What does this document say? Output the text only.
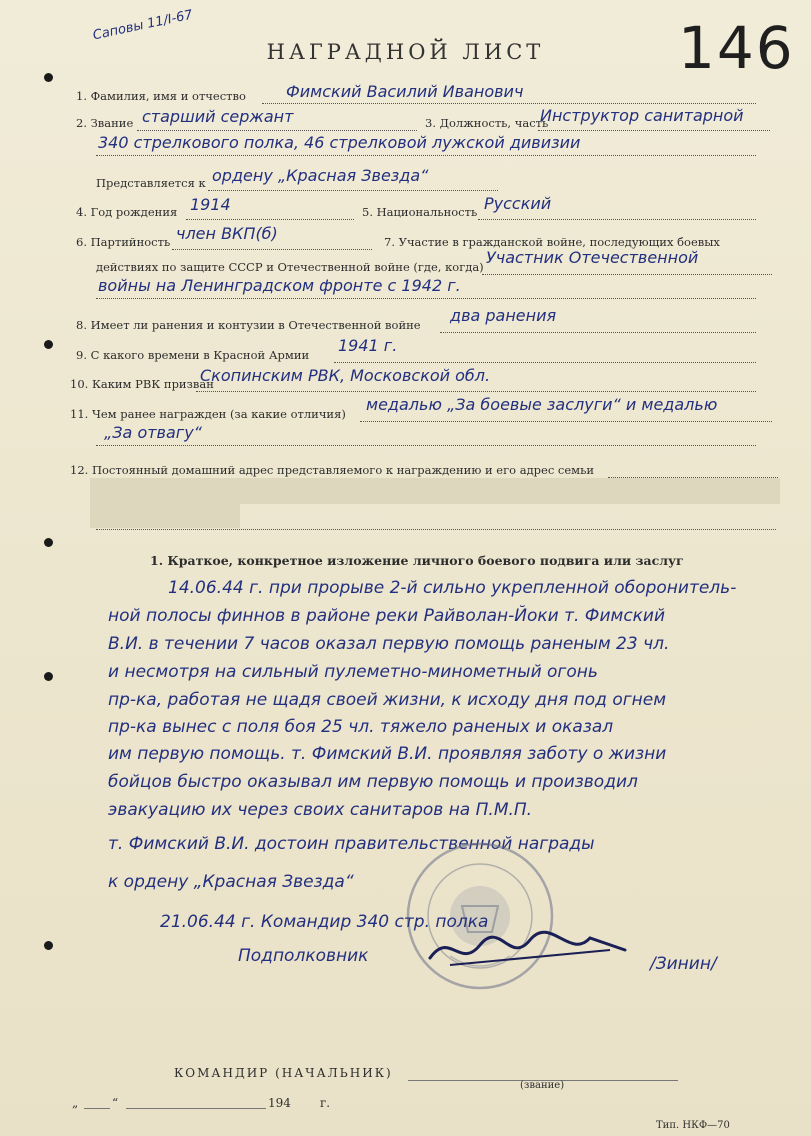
Саповы 11/I-67	146
НАГРАДНОЙ ЛИСТ
1. Фамилия, имя и отчество	Фимский Василий Иванович
2. Звание старший сержант	3. Должность, часть
Инструктор санитарной
340 стрелкового полка, 46 стрелковой лужской дивизии
Представляется к ордену „Красная Звезда“
4. Год рождения 1914	5. Национальность Русский
6. Партийность член ВКП(б)	7. Участие в гражданской войне, последующих боевых
действиях по защите СССР и Отечественной войне (где, когда) Участник Отечественной
войны на Ленинградском фронте с 1942 г.
8. Имеет ли ранения и контузии в Отечественной войне два ранения
9. С какого времени в Красной Армии 1941 г.
10. Каким РВК призван
Скопинским РВК, Московской обл.
11. Чем ранее награжден (за какие отличия) медалью „За боевые заслуги“ и медалью
„За отвагу“
12. Постоянный домашний адрес представляемого к награждению и его адрес семьи
1. Краткое, конкретное изложение личного боевого подвига или заслуг
14.06.44 г. при прорыве 2-й сильно укрепленной оборонитель-
ной полосы финнов в районе реки Райволан-Йоки т. Фимский
В.И. в течении 7 часов оказал первую помощь раненым 23 чл.
и несмотря на сильный пулеметно-минометный огонь
пр-ка, работая не щадя своей жизни, к исходу дня под огнем
пр-ка вынес с поля боя 25 чл. тяжело раненых и оказал
им первую помощь. т. Фимский В.И. проявляя заботу о жизни
бойцов быстро оказывал им первую помощь и производил
эвакуацию их через своих санитаров на П.М.П.
т. Фимский В.И. достоин правительственной награды
к ордену „Красная Звезда“
21.06.44 г. Командир 340 стр. полка
Подполковник	/Зинин/
КОМАНДИР (НАЧАЛЬНИК)
(звание)
„	“	194 г.
Тип. НКФ—70
